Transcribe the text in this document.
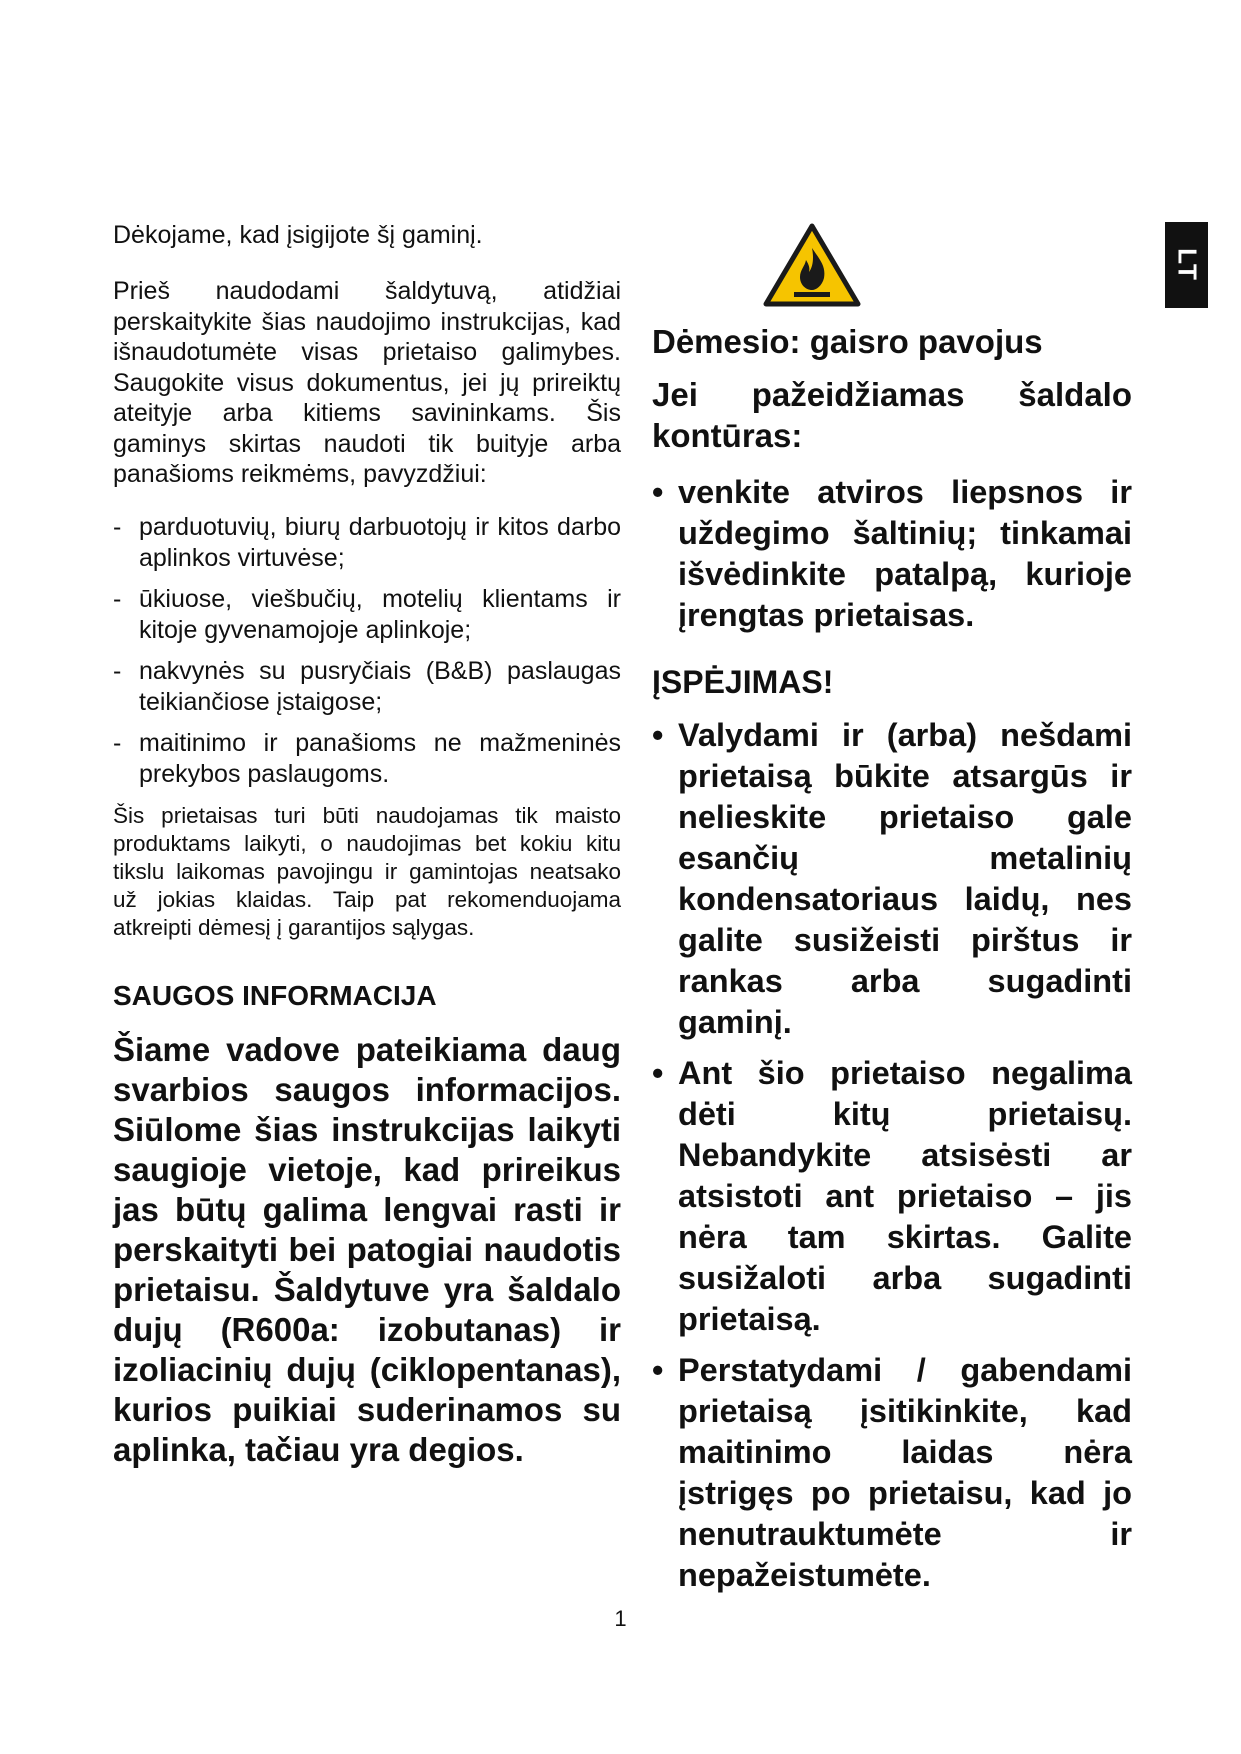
LT

Dėkojame, kad įsigijote šį gaminį.

Prieš naudodami šaldytuvą, atidžiai perskaitykite šias naudojimo instrukcijas, kad išnaudotumėte visas prietaiso galimybes. Saugokite visus dokumentus, jei jų prireiktų ateityje arba kitiems savininkams. Šis gaminys skirtas naudoti tik buityje arba panašioms reikmėms, pavyzdžiui:

- parduotuvių, biurų darbuotojų ir kitos darbo aplinkos virtuvėse;
- ūkiuose, viešbučių, motelių klientams ir kitoje gyvenamojoje aplinkoje;
- nakvynės su pusryčiais (B&B) paslaugas teikiančiose įstaigose;
- maitinimo ir panašioms ne mažmeninės prekybos paslaugoms.

Šis prietaisas turi būti naudojamas tik maisto produktams laikyti, o naudojimas bet kokiu kitu tikslu laikomas pavojingu ir gamintojas neatsako už jokias klaidas. Taip pat rekomenduojama atkreipti dėmesį į garantijos sąlygas.

SAUGOS INFORMACIJA

Šiame vadove pateikiama daug svarbios saugos informacijos. Siūlome šias instrukcijas laikyti saugioje vietoje, kad prireikus jas būtų galima lengvai rasti ir perskaityti bei patogiai naudotis prietaisu. Šaldytuve yra šaldalo dujų (R600a: izobutanas) ir izoliacinių dujų (ciklopentanas), kurios puikiai suderinamos su aplinka, tačiau yra degios.

Dėmesio: gaisro pavojus
Jei pažeidžiamas šaldalo kontūras:
• venkite atviros liepsnos ir uždegimo šaltinių; tinkamai išvėdinkite patalpą, kurioje įrengtas prietaisas.
ĮSPĖJIMAS!
• Valydami ir (arba) nešdami prietaisą būkite atsargūs ir nelieskite prietaiso gale esančių metalinių kondensatoriaus laidų, nes galite susižeisti pirštus ir rankas arba sugadinti gaminį.
• Ant šio prietaiso negalima dėti kitų prietaisų. Nebandykite atsisėsti ar atsistoti ant prietaiso – jis nėra tam skirtas. Galite susižaloti arba sugadinti prietaisą.
• Perstatydami / gabendami prietaisą įsitikinkite, kad maitinimo laidas nėra įstrigęs po prietaisu, kad jo nenutrauktumėte ir nepažeistumėte.
1
